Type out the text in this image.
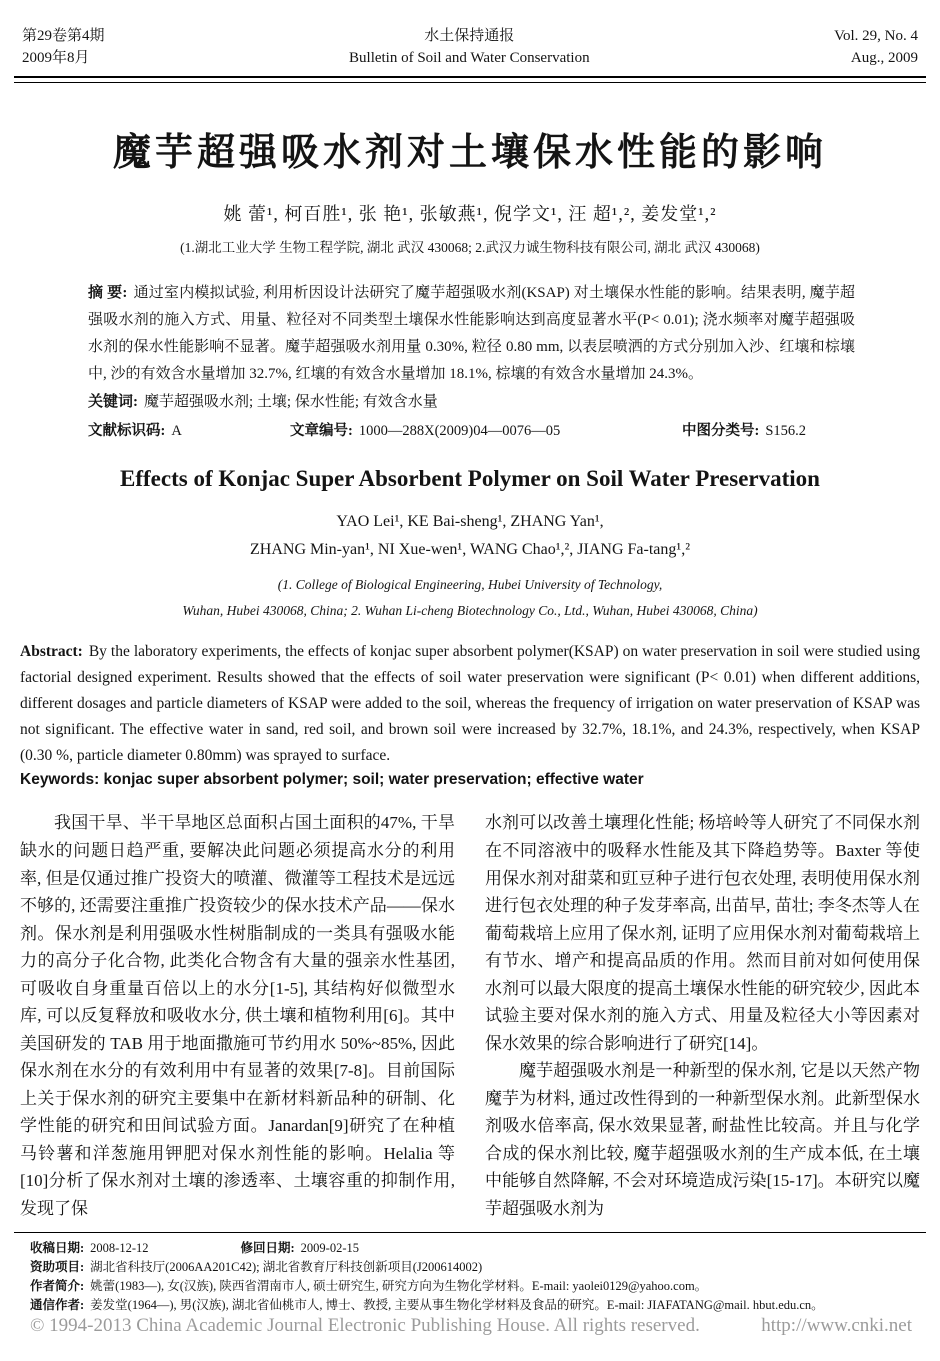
第29卷第4期
2009年8月
水土保持通报
Bulletin of Soil and Water Conservation
Vol. 29, No. 4
Aug., 2009
魔芋超强吸水剂对土壤保水性能的影响
姚 蕾¹, 柯百胜¹, 张 艳¹, 张敏燕¹, 倪学文¹, 汪 超¹,², 姜发堂¹,²
(1.湖北工业大学 生物工程学院, 湖北 武汉 430068; 2.武汉力诚生物科技有限公司, 湖北 武汉 430068)

摘 要: 通过室内模拟试验, 利用析因设计法研究了魔芋超强吸水剂(KSAP) 对土壤保水性能的影响。结果表明, 魔芋超强吸水剂的施入方式、用量、粒径对不同类型土壤保水性能影响达到高度显著水平(P< 0.01); 浇水频率对魔芋超强吸水剂的保水性能影响不显著。魔芋超强吸水剂用量 0.30%, 粒径 0.80 mm, 以表层喷洒的方式分别加入沙、红壤和棕壤中, 沙的有效含水量增加 32.7%, 红壤的有效含水量增加 18.1%, 棕壤的有效含水量增加 24.3%。

关键词: 魔芋超强吸水剂; 土壤; 保水性能; 有效含水量

文献标识码: A	文章编号: 1000—288X(2009)04—0076—05	中图分类号: S156.2
Effects of Konjac Super Absorbent Polymer on Soil Water Preservation
YAO Lei¹, KE Bai-sheng¹, ZHANG Yan¹,
ZHANG Min-yan¹, NI Xue-wen¹, WANG Chao¹,², JIANG Fa-tang¹,²
(1. College of Biological Engineering, Hubei University of Technology,
Wuhan, Hubei 430068, China; 2. Wuhan Li-cheng Biotechnology Co., Ltd., Wuhan, Hubei 430068, China)

Abstract: By the laboratory experiments, the effects of konjac super absorbent polymer(KSAP) on water preservation in soil were studied using factorial designed experiment. Results showed that the effects of soil water preservation were significant (P< 0.01) when different additions, different dosages and particle diameters of KSAP were added to the soil, whereas the frequency of irrigation on water preservation of KSAP was not significant. The effective water in sand, red soil, and brown soil were increased by 32.7%, 18.1%, and 24.3%, respectively, when KSAP (0.30 %, particle diameter 0.80mm) was sprayed to surface.

Keywords: konjac super absorbent polymer; soil; water preservation; effective water

我国干旱、半干旱地区总面积占国土面积的47%, 干旱缺水的问题日趋严重, 要解决此问题必须提高水分的利用率, 但是仅通过推广投资大的喷灌、微灌等工程技术是远远不够的, 还需要注重推广投资较少的保水技术产品——保水剂。保水剂是利用强吸水性树脂制成的一类具有强吸水能力的高分子化合物, 此类化合物含有大量的强亲水性基团, 可吸收自身重量百倍以上的水分[1-5], 其结构好似微型水库, 可以反复释放和吸收水分, 供土壤和植物利用[6]。其中美国研发的 TAB 用于地面撒施可节约用水 50%~85%, 因此保水剂在水分的有效利用中有显著的效果[7-8]。目前国际上关于保水剂的研究主要集中在新材料新品种的研制、化学性能的研究和田间试验方面。Janardan[9]研究了在种植马铃薯和洋葱施用钾肥对保水剂性能的影响。Helalia 等[10]分析了保水剂对土壤的渗透率、土壤容重的抑制作用, 发现了保

水剂可以改善土壤理化性能; 杨培岭等人研究了不同保水剂在不同溶液中的吸释水性能及其下降趋势等。Baxter 等使用保水剂对甜菜和豇豆种子进行包衣处理, 表明使用保水剂进行包衣处理的种子发芽率高, 出苗早, 苗壮; 李冬杰等人在葡萄栽培上应用了保水剂, 证明了应用保水剂对葡萄栽培上有节水、增产和提高品质的作用。然而目前对如何使用保水剂可以最大限度的提高土壤保水性能的研究较少, 因此本试验主要对保水剂的施入方式、用量及粒径大小等因素对保水效果的综合影响进行了研究[14]。

魔芋超强吸水剂是一种新型的保水剂, 它是以天然产物魔芋为材料, 通过改性得到的一种新型保水剂。此新型保水剂吸水倍率高, 保水效果显著, 耐盐性比较高。并且与化学合成的保水剂比较, 魔芋超强吸水剂的生产成本低, 在土壤中能够自然降解, 不会对环境造成污染[15-17]。本研究以魔芋超强吸水剂为

收稿日期: 2008-12-12	修回日期: 2009-02-15
资助项目: 湖北省科技厅(2006AA201C42); 湖北省教育厅科技创新项目(J200614002)
作者简介: 姚蕾(1983—), 女(汉族), 陕西省渭南市人, 硕士研究生, 研究方向为生物化学材料。E-mail: yaolei0129@yahoo.com。
通信作者: 姜发堂(1964—), 男(汉族), 湖北省仙桃市人, 博士、教授, 主要从事生物化学材料及食品的研究。E-mail: JIAFATANG@mail. hbut.edu.cn。
© 1994-2013 China Academic Journal Electronic Publishing House. All rights reserved.	http://www.cnki.net
